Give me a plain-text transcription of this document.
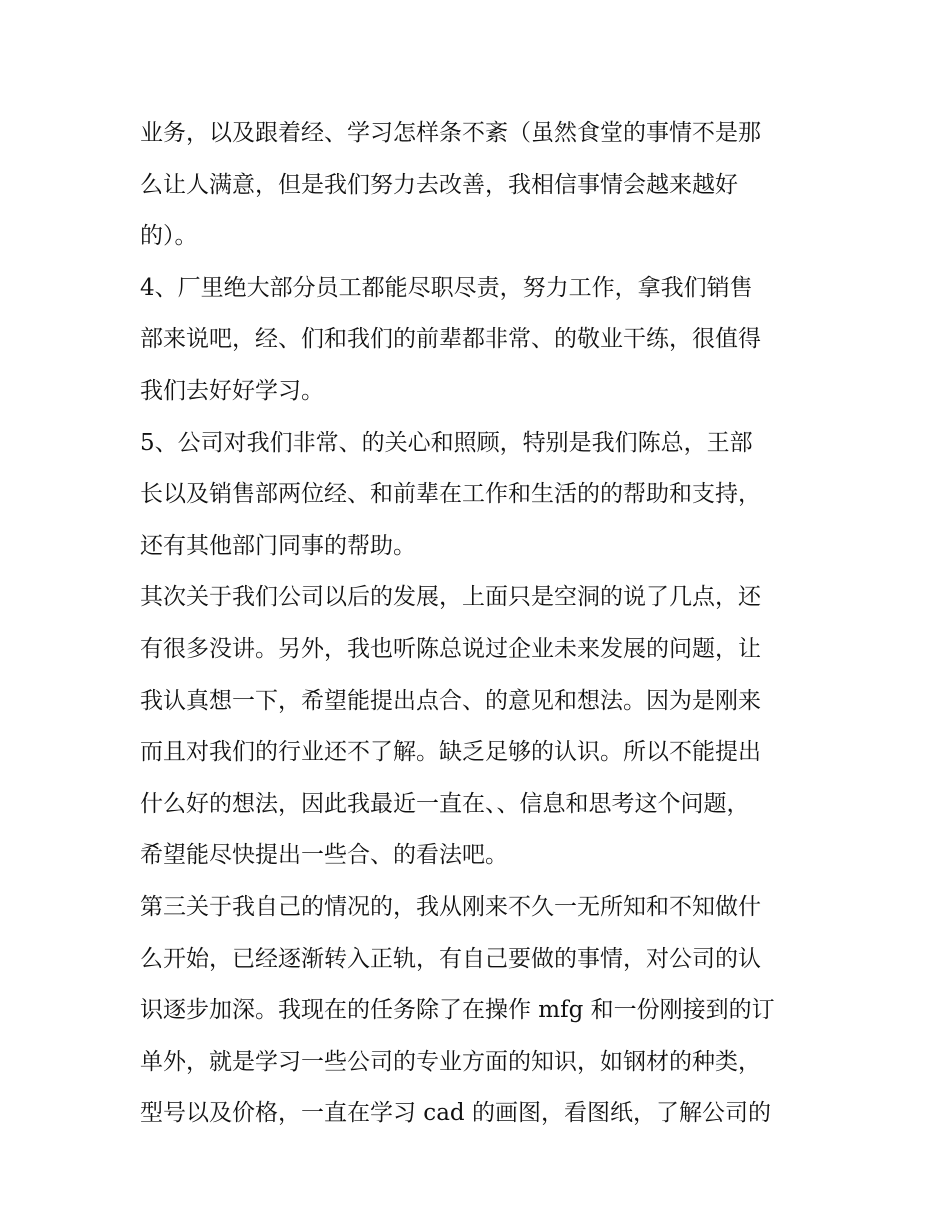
业务，以及跟着经、学习怎样条不紊（虽然食堂的事情不是那
么让人满意，但是我们努力去改善，我相信事情会越来越好
的）。
4、厂里绝大部分员工都能尽职尽责，努力工作，拿我们销售
部来说吧，经、们和我们的前辈都非常、的敬业干练，很值得
我们去好好学习。
5、公司对我们非常、的关心和照顾，特别是我们陈总，王部
长以及销售部两位经、和前辈在工作和生活的的帮助和支持，
还有其他部门同事的帮助。
其次关于我们公司以后的发展，上面只是空洞的说了几点，还
有很多没讲。另外，我也听陈总说过企业未来发展的问题，让
我认真想一下，希望能提出点合、的意见和想法。因为是刚来
而且对我们的行业还不了解。缺乏足够的认识。所以不能提出
什么好的想法，因此我最近一直在、、信息和思考这个问题，
希望能尽快提出一些合、的看法吧。
第三关于我自己的情况的，我从刚来不久一无所知和不知做什
么开始，已经逐渐转入正轨，有自己要做的事情，对公司的认
识逐步加深。我现在的任务除了在操作 mfg 和一份刚接到的订
单外，就是学习一些公司的专业方面的知识，如钢材的种类，
型号以及价格，一直在学习 cad 的画图，看图纸，了解公司的
